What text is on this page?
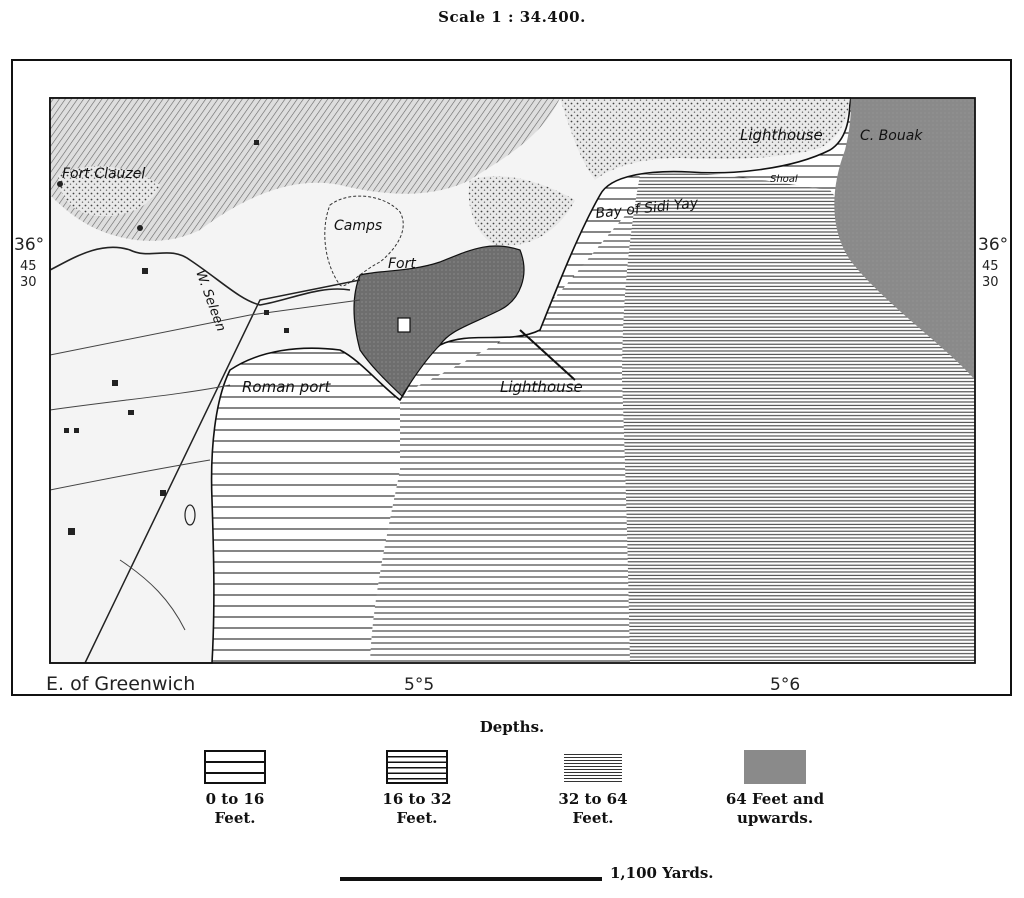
Scale 1 : 34.400.
Fort Clauzel
Camps
Fort
W. Seleen
Roman port	Lighthouse
Lighthouse	C. Bouak
Shoal
Bay of Sidi Yay
36°
45
30
36°
45
30
E. of Greenwich	5°5	5°6
Depths.
0 to 16
Feet.
16 to 32
Feet.
32 to 64
Feet.
64 Feet and
upwards.
1,100 Yards.
